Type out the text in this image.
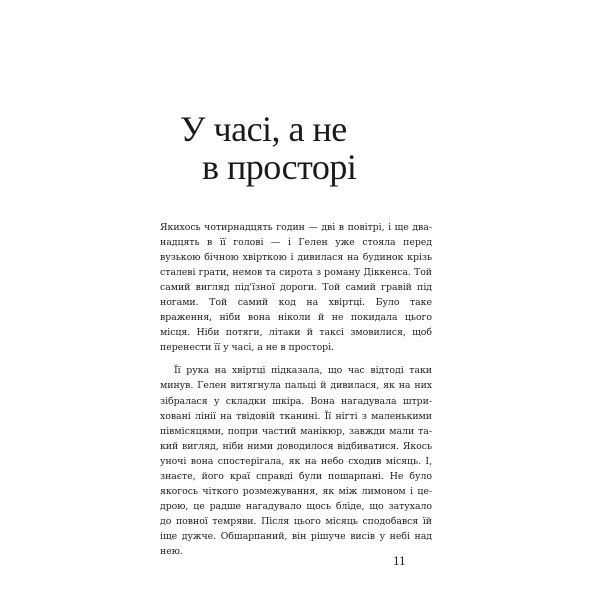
У часі, а не
в просторі

Якихось чотирнадцять годин — дві в повітрі, і ще дванадцять в її голові — і Гелен уже стояла перед вузькою бічною хвірткою і дивилася на будинок крізь сталеві грати, немов та сирота з роману Діккенса. Той самий вигляд під'їзної дороги. Той самий гравій під ногами. Той самий код на хвіртці. Було таке враження, ніби вона ніколи й не покидала цього місця. Ніби потяги, літаки й таксі змовилися, щоб перенести її у часі, а не в просторі.

Її рука на хвіртці підказала, що час відтоді таки минув. Гелен витягнула пальці й дивилася, як на них зібралася у складки шкіра. Вона нагадувала штриховані лінії на твідовій тканині. Її нігті з маленькими півмісяцями, попри частий манікюр, завжди мали такий вигляд, ніби ними доводилося відбиватися. Якось уночі вона спостерігала, як на небо сходив місяць. І, знаєте, його краї справді були пошарпані. Не було якогось чіткого розмежування, як між лимоном і цедрою, це радше нагадувало щось бліде, що затухало до повної темряви. Після цього місяць сподобався їй іще дужче. Обшарпаний, він рішуче висів у небі над нею.

11
